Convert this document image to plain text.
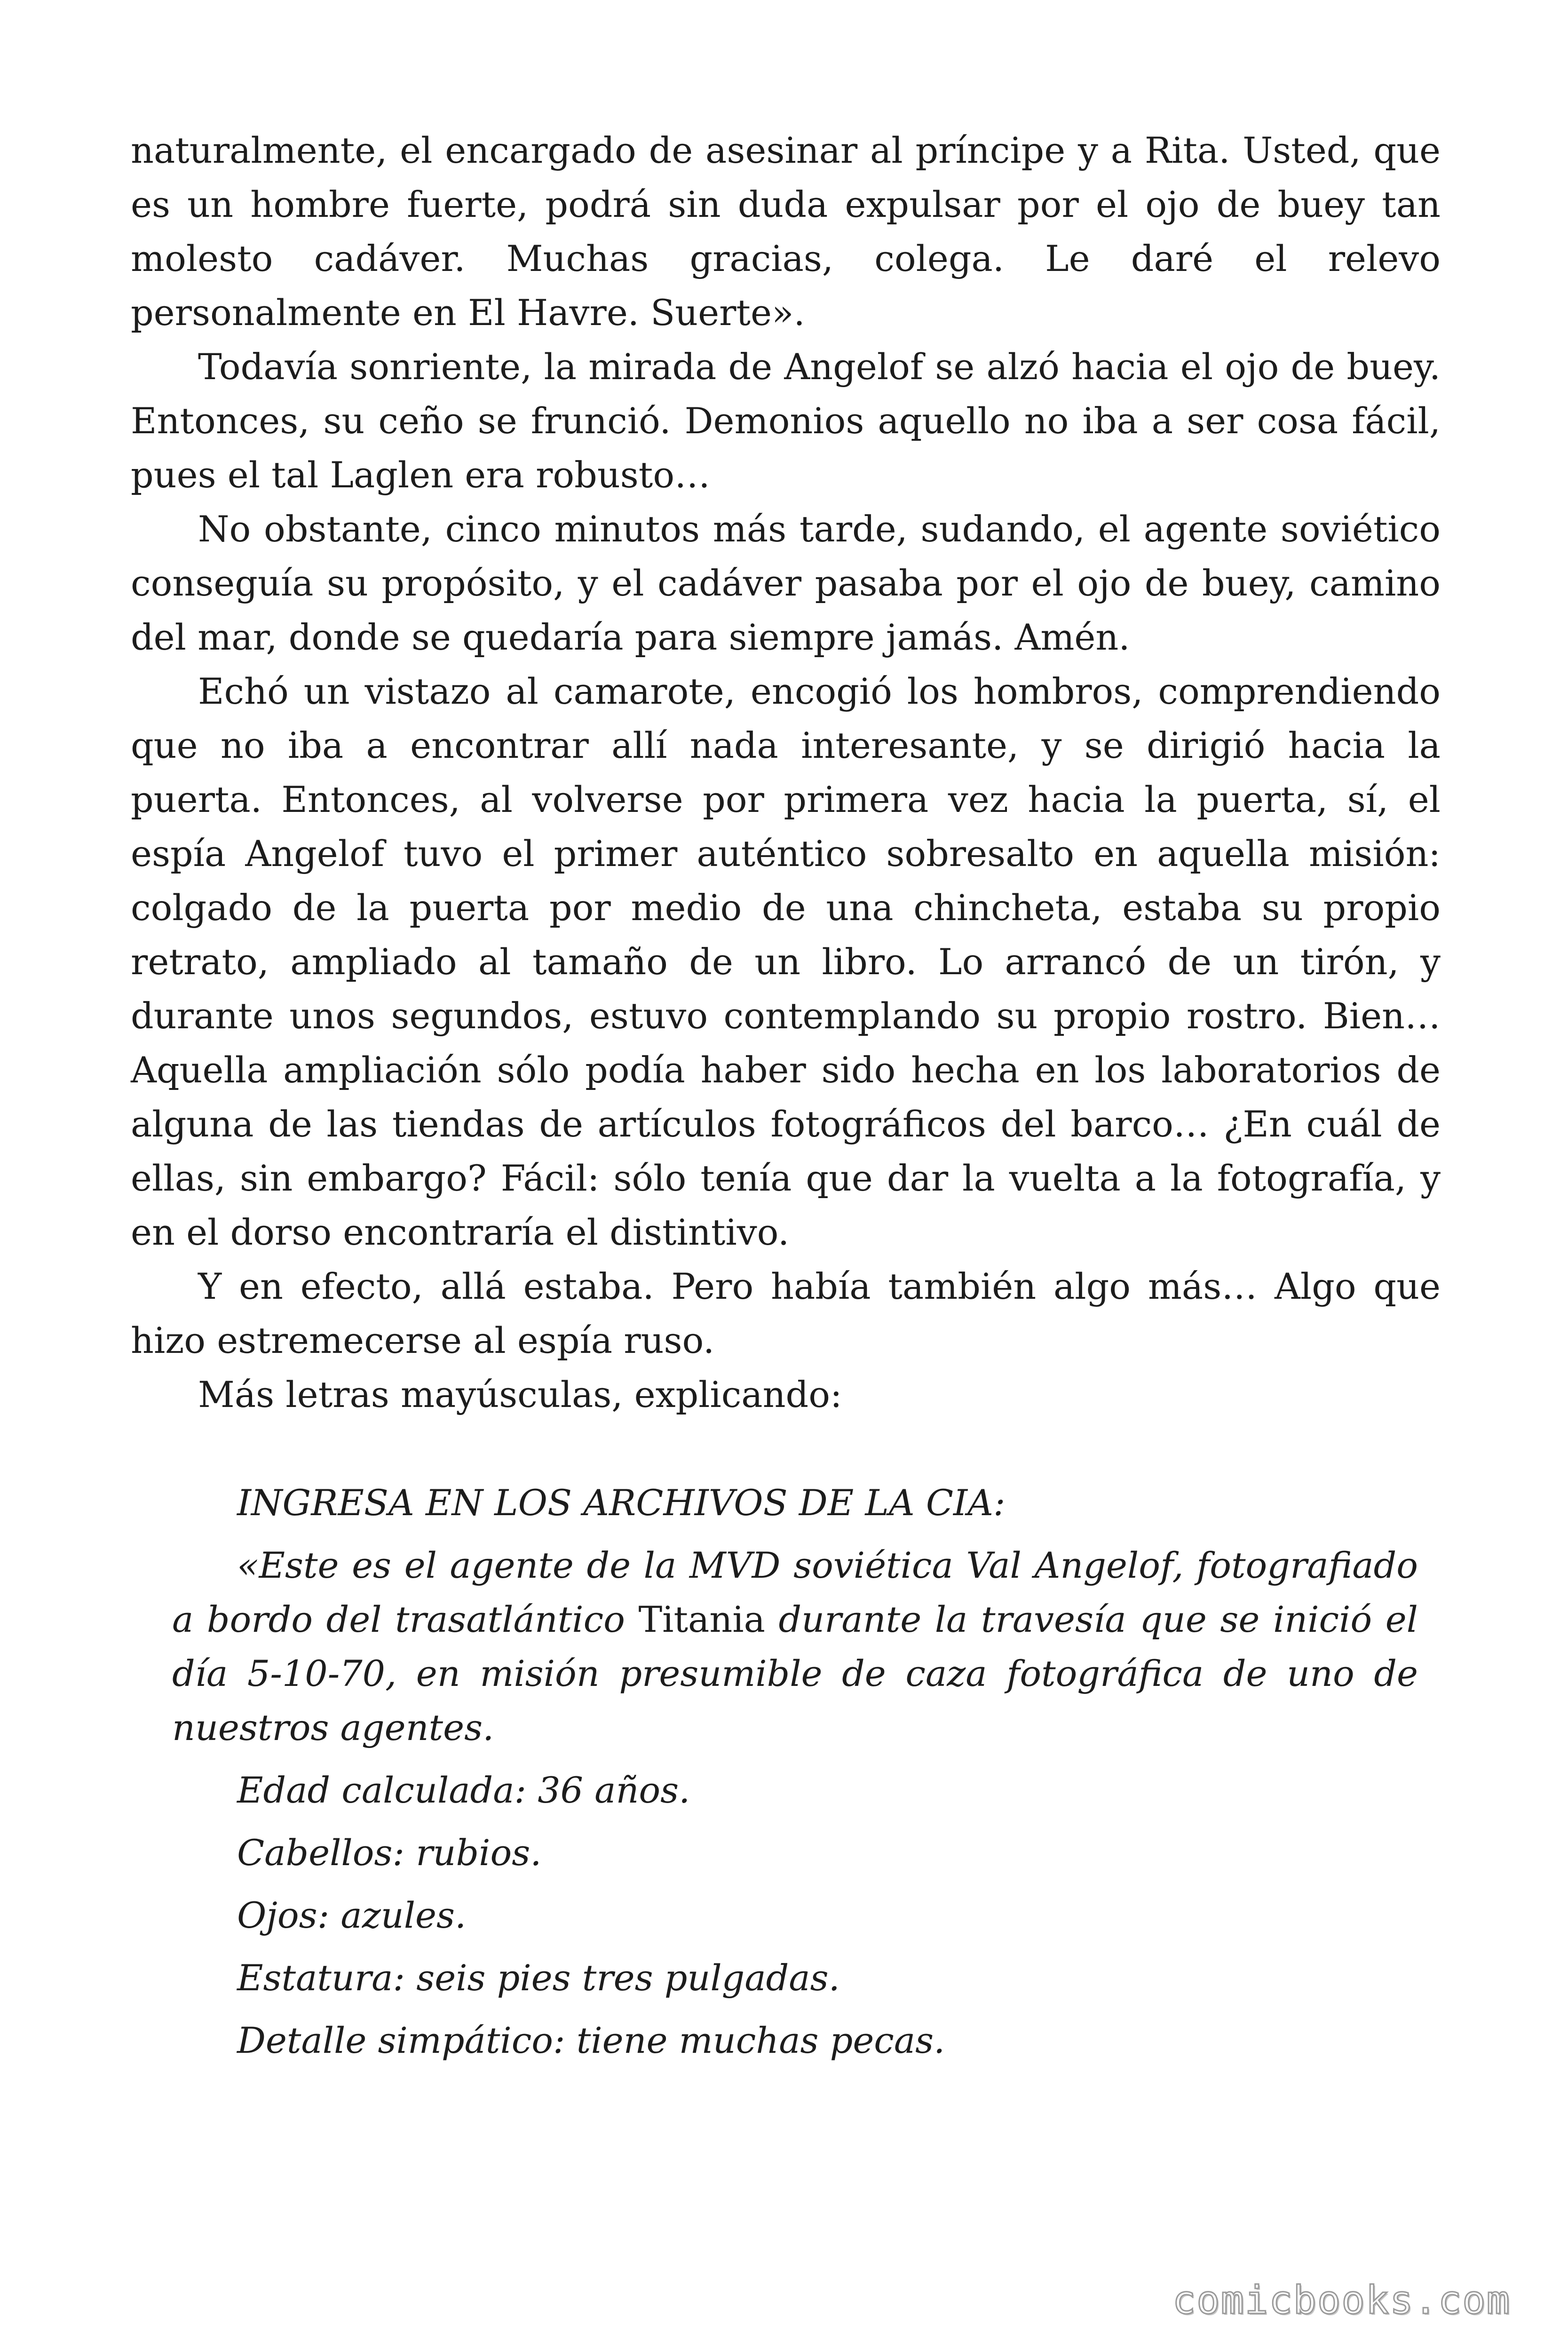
naturalmente, el encargado de asesinar al príncipe y a Rita. Usted, que es un hombre fuerte, podrá sin duda expulsar por el ojo de buey tan molesto cadáver. Muchas gracias, colega. Le daré el relevo personalmente en El Havre. Suerte».

Todavía sonriente, la mirada de Angelof se alzó hacia el ojo de buey. Entonces, su ceño se frunció. Demonios aquello no iba a ser cosa fácil, pues el tal Laglen era robusto…

No obstante, cinco minutos más tarde, sudando, el agente soviético conseguía su propósito, y el cadáver pasaba por el ojo de buey, camino del mar, donde se quedaría para siempre jamás. Amén.

Echó un vistazo al camarote, encogió los hombros, comprendiendo que no iba a encontrar allí nada interesante, y se dirigió hacia la puerta. Entonces, al volverse por primera vez hacia la puerta, sí, el espía Angelof tuvo el primer auténtico sobresalto en aquella misión: colgado de la puerta por medio de una chincheta, estaba su propio retrato, ampliado al tamaño de un libro. Lo arrancó de un tirón, y durante unos segundos, estuvo contemplando su propio rostro. Bien… Aquella ampliación sólo podía haber sido hecha en los laboratorios de alguna de las tiendas de artículos fotográficos del barco… ¿En cuál de ellas, sin embargo? Fácil: sólo tenía que dar la vuelta a la fotografía, y en el dorso encontraría el distintivo.

Y en efecto, allá estaba. Pero había también algo más… Algo que hizo estremecerse al espía ruso.

Más letras mayúsculas, explicando:

INGRESA EN LOS ARCHIVOS DE LA CIA:

«Este es el agente de la MVD soviética Val Angelof, fotografiado a bordo del trasatlántico Titania durante la travesía que se inició el día 5-10-70, en misión presumible de caza fotográfica de uno de nuestros agentes.

Edad calculada: 36 años.

Cabellos: rubios.

Ojos: azules.

Estatura: seis pies tres pulgadas.

Detalle simpático: tiene muchas pecas.

comicbooks.com
